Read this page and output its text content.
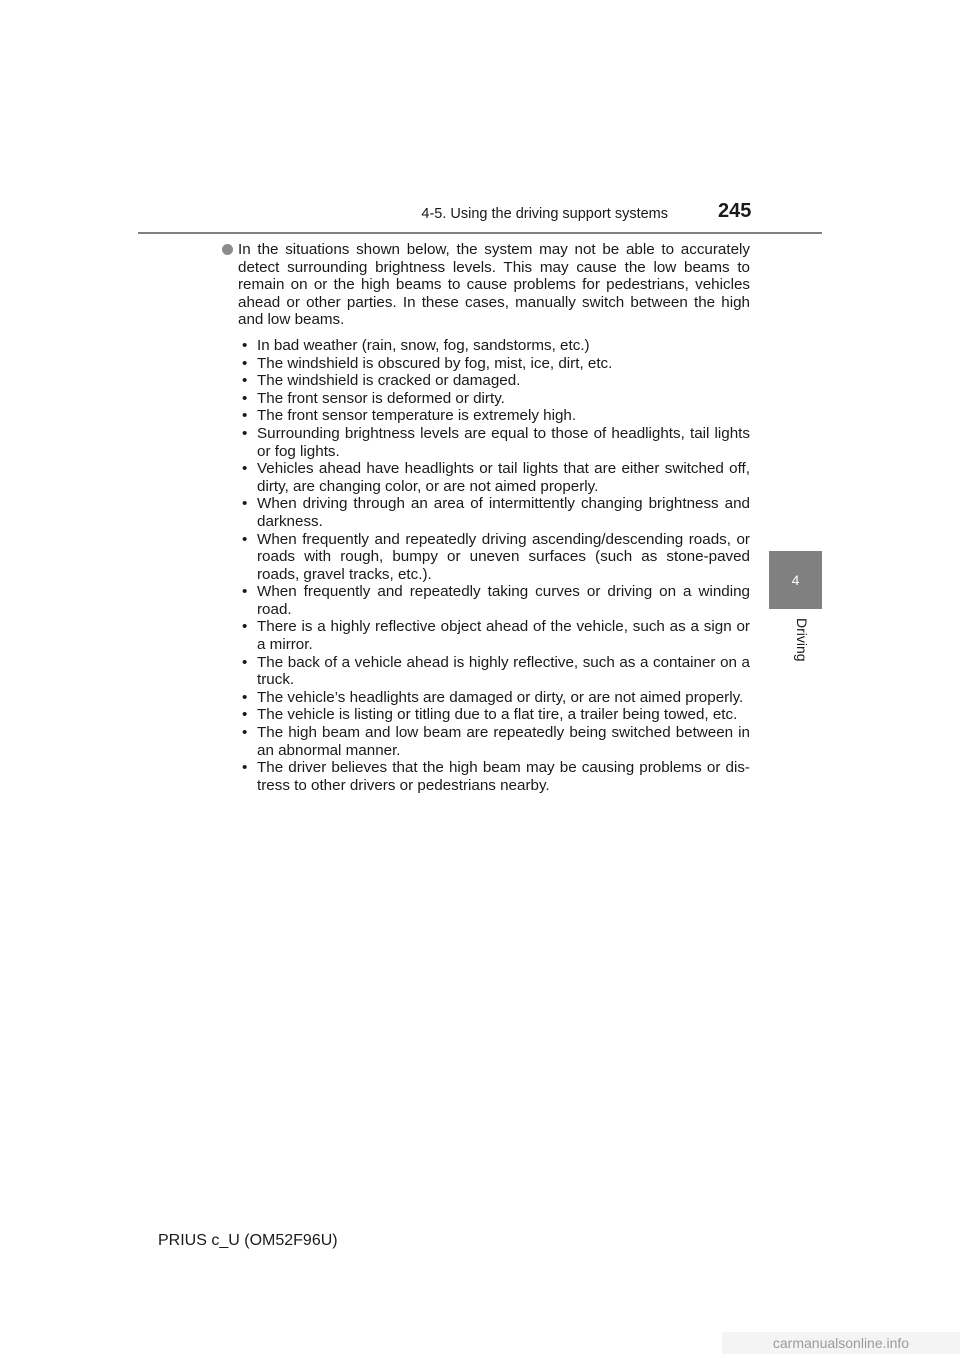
4-5. Using the driving support systems	245
4
Driving

In the situations shown below, the system may not be able to accurately detect surrounding brightness levels. This may cause the low beams to remain on or the high beams to cause problems for pedestrians, vehicles ahead or other parties. In these cases, manually switch between the high and low beams.

• In bad weather (rain, snow, fog, sandstorms, etc.)
• The windshield is obscured by fog, mist, ice, dirt, etc.
• The windshield is cracked or damaged.
• The front sensor is deformed or dirty.
• The front sensor temperature is extremely high.
• Surrounding brightness levels are equal to those of headlights, tail lights or fog lights.
• Vehicles ahead have headlights or tail lights that are either switched off, dirty, are changing color, or are not aimed properly.
• When driving through an area of intermittently changing brightness and darkness.
• When frequently and repeatedly driving ascending/descending roads, or roads with rough, bumpy or uneven surfaces (such as stone-paved roads, gravel tracks, etc.).
• When frequently and repeatedly taking curves or driving on a winding road.
• There is a highly reflective object ahead of the vehicle, such as a sign or a mirror.
• The back of a vehicle ahead is highly reflective, such as a container on a truck.
• The vehicle’s headlights are damaged or dirty, or are not aimed properly.
• The vehicle is listing or titling due to a flat tire, a trailer being towed, etc.
• The high beam and low beam are repeatedly being switched between in an abnormal manner.
• The driver believes that the high beam may be causing problems or dis-tress to other drivers or pedestrians nearby.
PRIUS c_U (OM52F96U)
carmanualsonline.info
